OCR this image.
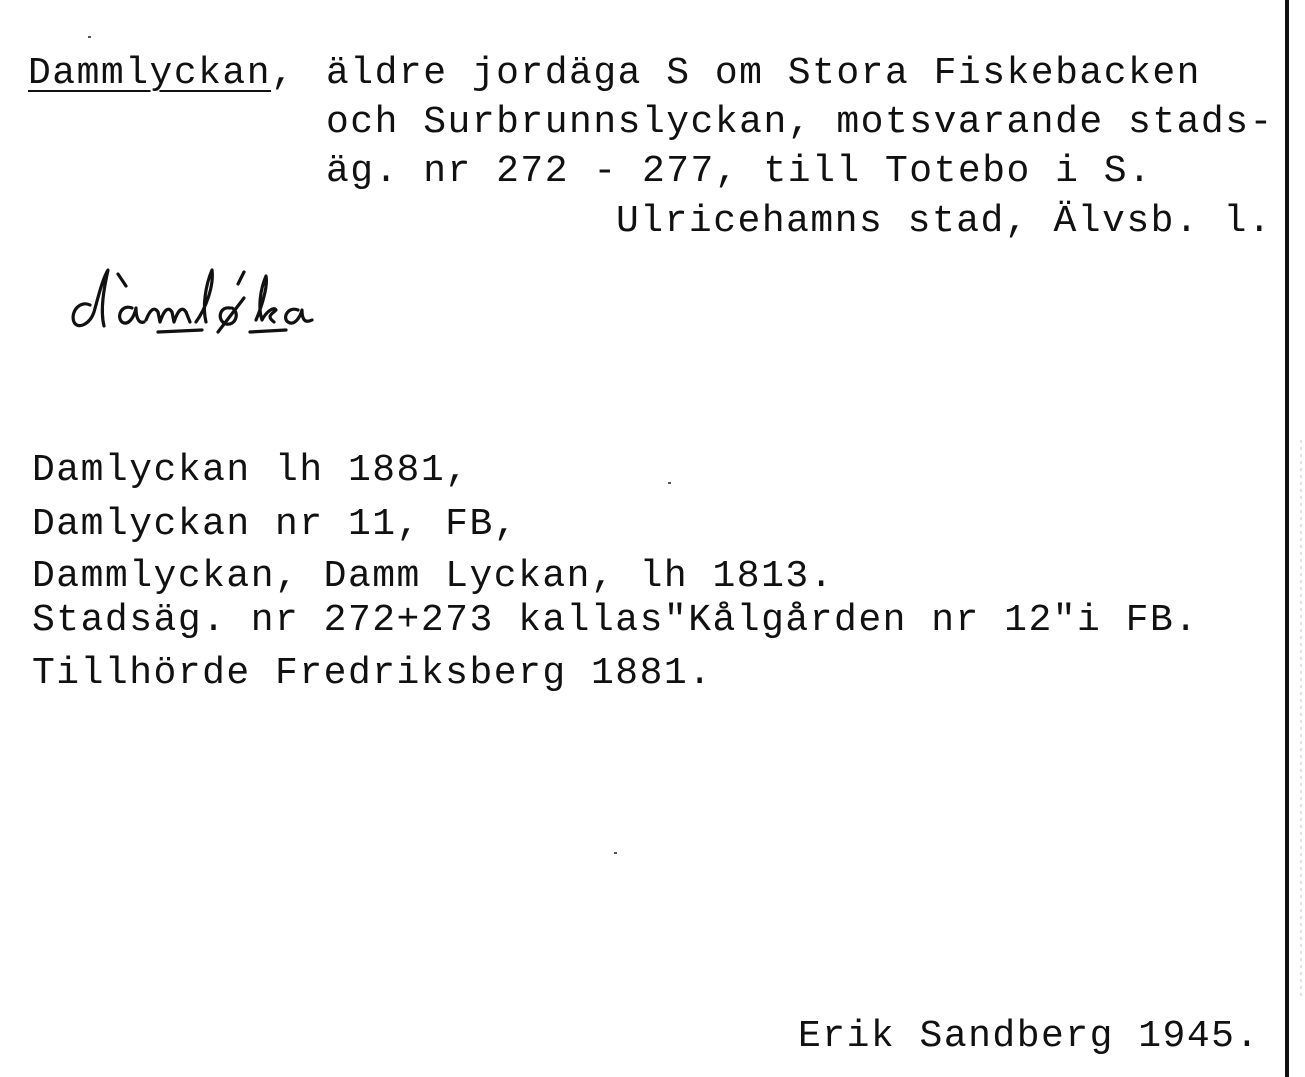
Dammlyckan, äldre jordäga S om Stora Fiskebacken
och Surbrunnslyckan, motsvarande stads-
äg. nr 272 - 277, till Totebo i S.
Ulricehamns stad, Älvsb. l.
Damlyckan lh 1881,
Damlyckan nr 11, FB,
Dammlyckan, Damm Lyckan, lh 1813.
Stadsäg. nr 272+273 kallas"Kålgården nr 12"i FB.
Tillhörde Fredriksberg 1881.
Erik Sandberg 1945.
